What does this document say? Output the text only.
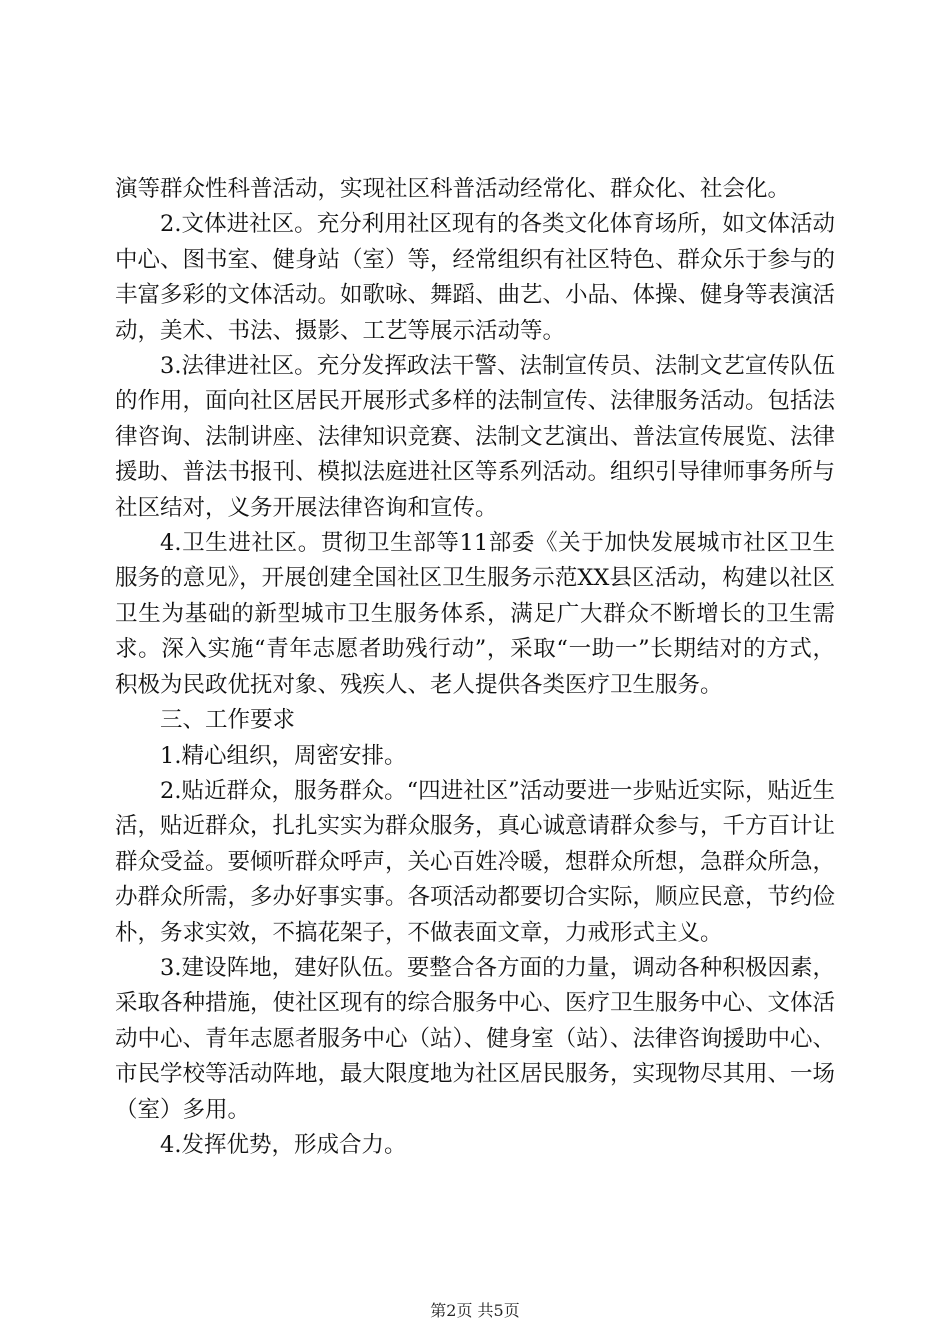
演等群众性科普活动，实现社区科普活动经常化、群众化、社会化。

2.文体进社区。充分利用社区现有的各类文化体育场所，如文体活动中心、图书室、健身站（室）等，经常组织有社区特色、群众乐于参与的丰富多彩的文体活动。如歌咏、舞蹈、曲艺、小品、体操、健身等表演活动，美术、书法、摄影、工艺等展示活动等。

3.法律进社区。充分发挥政法干警、法制宣传员、法制文艺宣传队伍的作用，面向社区居民开展形式多样的法制宣传、法律服务活动。包括法律咨询、法制讲座、法律知识竞赛、法制文艺演出、普法宣传展览、法律援助、普法书报刊、模拟法庭进社区等系列活动。组织引导律师事务所与社区结对，义务开展法律咨询和宣传。

4.卫生进社区。贯彻卫生部等11部委《关于加快发展城市社区卫生服务的意见》，开展创建全国社区卫生服务示范XX县区活动，构建以社区卫生为基础的新型城市卫生服务体系，满足广大群众不断增长的卫生需求。深入实施“青年志愿者助残行动”，采取“一助一”长期结对的方式，积极为民政优抚对象、残疾人、老人提供各类医疗卫生服务。

三、工作要求

1.精心组织，周密安排。

2.贴近群众，服务群众。“四进社区”活动要进一步贴近实际，贴近生活，贴近群众，扎扎实实为群众服务，真心诚意请群众参与，千方百计让群众受益。要倾听群众呼声，关心百姓冷暖，想群众所想，急群众所急，办群众所需，多办好事实事。各项活动都要切合实际，顺应民意，节约俭朴，务求实效，不搞花架子，不做表面文章，力戒形式主义。

3.建设阵地，建好队伍。要整合各方面的力量，调动各种积极因素，采取各种措施，使社区现有的综合服务中心、医疗卫生服务中心、文体活动中心、青年志愿者服务中心（站）、健身室（站）、法律咨询援助中心、市民学校等活动阵地，最大限度地为社区居民服务，实现物尽其用、一场（室）多用。

4.发挥优势，形成合力。

第2页 共5页
